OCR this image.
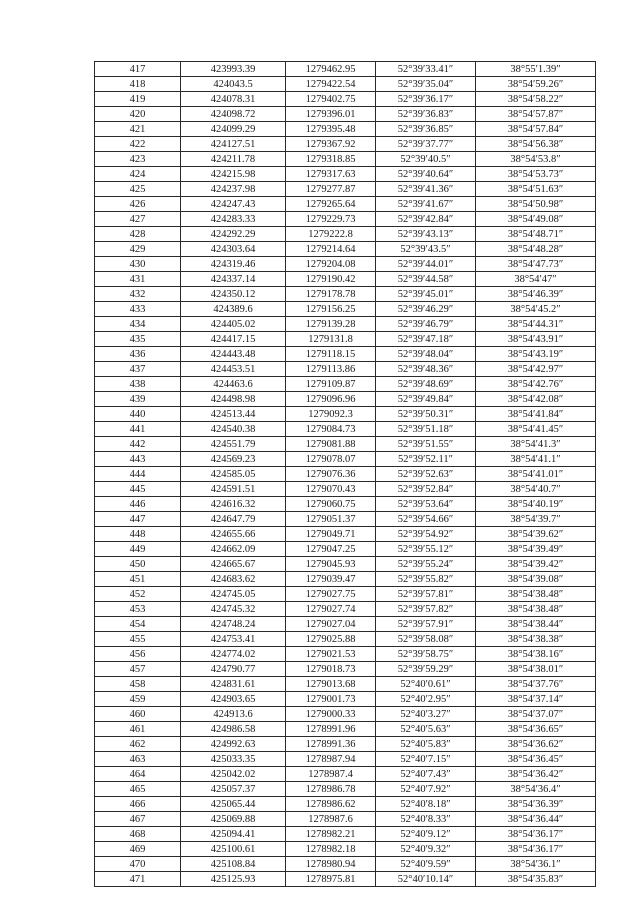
417	423993.39	1279462.95	52°39′33.41″	38°55′1.39″
418	424043.5	1279422.54	52°39′35.04″	38°54′59.26″
419	424078.31	1279402.75	52°39′36.17″	38°54′58.22″
420	424098.72	1279396.01	52°39′36.83″	38°54′57.87″
421	424099.29	1279395.48	52°39′36.85″	38°54′57.84″
422	424127.51	1279367.92	52°39′37.77″	38°54′56.38″
423	424211.78	1279318.85	52°39′40.5″	38°54′53.8″
424	424215.98	1279317.63	52°39′40.64″	38°54′53.73″
425	424237.98	1279277.87	52°39′41.36″	38°54′51.63″
426	424247.43	1279265.64	52°39′41.67″	38°54′50.98″
427	424283.33	1279229.73	52°39′42.84″	38°54′49.08″
428	424292.29	1279222.8	52°39′43.13″	38°54′48.71″
429	424303.64	1279214.64	52°39′43.5″	38°54′48.28″
430	424319.46	1279204.08	52°39′44.01″	38°54′47.73″
431	424337.14	1279190.42	52°39′44.58″	38°54′47″
432	424350.12	1279178.78	52°39′45.01″	38°54′46.39″
433	424389.6	1279156.25	52°39′46.29″	38°54′45.2″
434	424405.02	1279139.28	52°39′46.79″	38°54′44.31″
435	424417.15	1279131.8	52°39′47.18″	38°54′43.91″
436	424443.48	1279118.15	52°39′48.04″	38°54′43.19″
437	424453.51	1279113.86	52°39′48.36″	38°54′42.97″
438	424463.6	1279109.87	52°39′48.69″	38°54′42.76″
439	424498.98	1279096.96	52°39′49.84″	38°54′42.08″
440	424513.44	1279092.3	52°39′50.31″	38°54′41.84″
441	424540.38	1279084.73	52°39′51.18″	38°54′41.45″
442	424551.79	1279081.88	52°39′51.55″	38°54′41.3″
443	424569.23	1279078.07	52°39′52.11″	38°54′41.1″
444	424585.05	1279076.36	52°39′52.63″	38°54′41.01″
445	424591.51	1279070.43	52°39′52.84″	38°54′40.7″
446	424616.32	1279060.75	52°39′53.64″	38°54′40.19″
447	424647.79	1279051.37	52°39′54.66″	38°54′39.7″
448	424655.66	1279049.71	52°39′54.92″	38°54′39.62″
449	424662.09	1279047.25	52°39′55.12″	38°54′39.49″
450	424665.67	1279045.93	52°39′55.24″	38°54′39.42″
451	424683.62	1279039.47	52°39′55.82″	38°54′39.08″
452	424745.05	1279027.75	52°39′57.81″	38°54′38.48″
453	424745.32	1279027.74	52°39′57.82″	38°54′38.48″
454	424748.24	1279027.04	52°39′57.91″	38°54′38.44″
455	424753.41	1279025.88	52°39′58.08″	38°54′38.38″
456	424774.02	1279021.53	52°39′58.75″	38°54′38.16″
457	424790.77	1279018.73	52°39′59.29″	38°54′38.01″
458	424831.61	1279013.68	52°40′0.61″	38°54′37.76″
459	424903.65	1279001.73	52°40′2.95″	38°54′37.14″
460	424913.6	1279000.33	52°40′3.27″	38°54′37.07″
461	424986.58	1278991.96	52°40′5.63″	38°54′36.65″
462	424992.63	1278991.36	52°40′5.83″	38°54′36.62″
463	425033.35	1278987.94	52°40′7.15″	38°54′36.45″
464	425042.02	1278987.4	52°40′7.43″	38°54′36.42″
465	425057.37	1278986.78	52°40′7.92″	38°54′36.4″
466	425065.44	1278986.62	52°40′8.18″	38°54′36.39″
467	425069.88	1278987.6	52°40′8.33″	38°54′36.44″
468	425094.41	1278982.21	52°40′9.12″	38°54′36.17″
469	425100.61	1278982.18	52°40′9.32″	38°54′36.17″
470	425108.84	1278980.94	52°40′9.59″	38°54′36.1″
471	425125.93	1278975.81	52°40′10.14″	38°54′35.83″
